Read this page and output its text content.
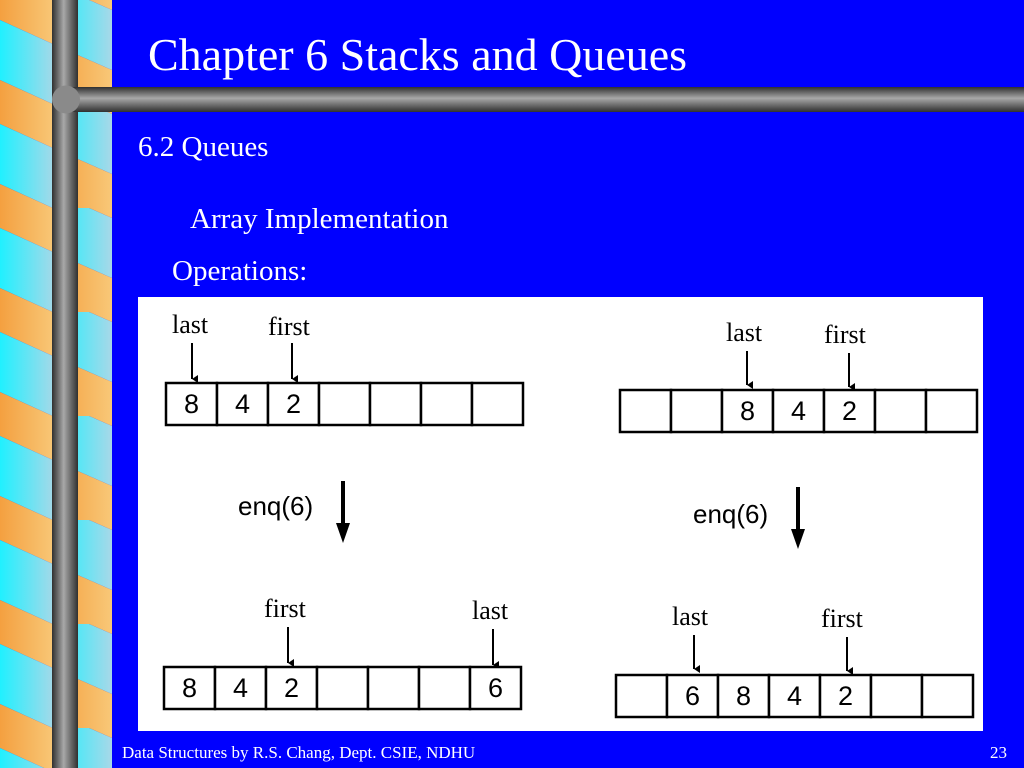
Chapter 6 Stacks and Queues
6.2 Queues
Array Implementation
Operations:
last first
8 4 2
enq(6)
first	last
8 4 2	6
last first
8 4 2
enq(6)
last	first
6 8 4 2
Data Structures by R.S. Chang, Dept. CSIE, NDHU	23
